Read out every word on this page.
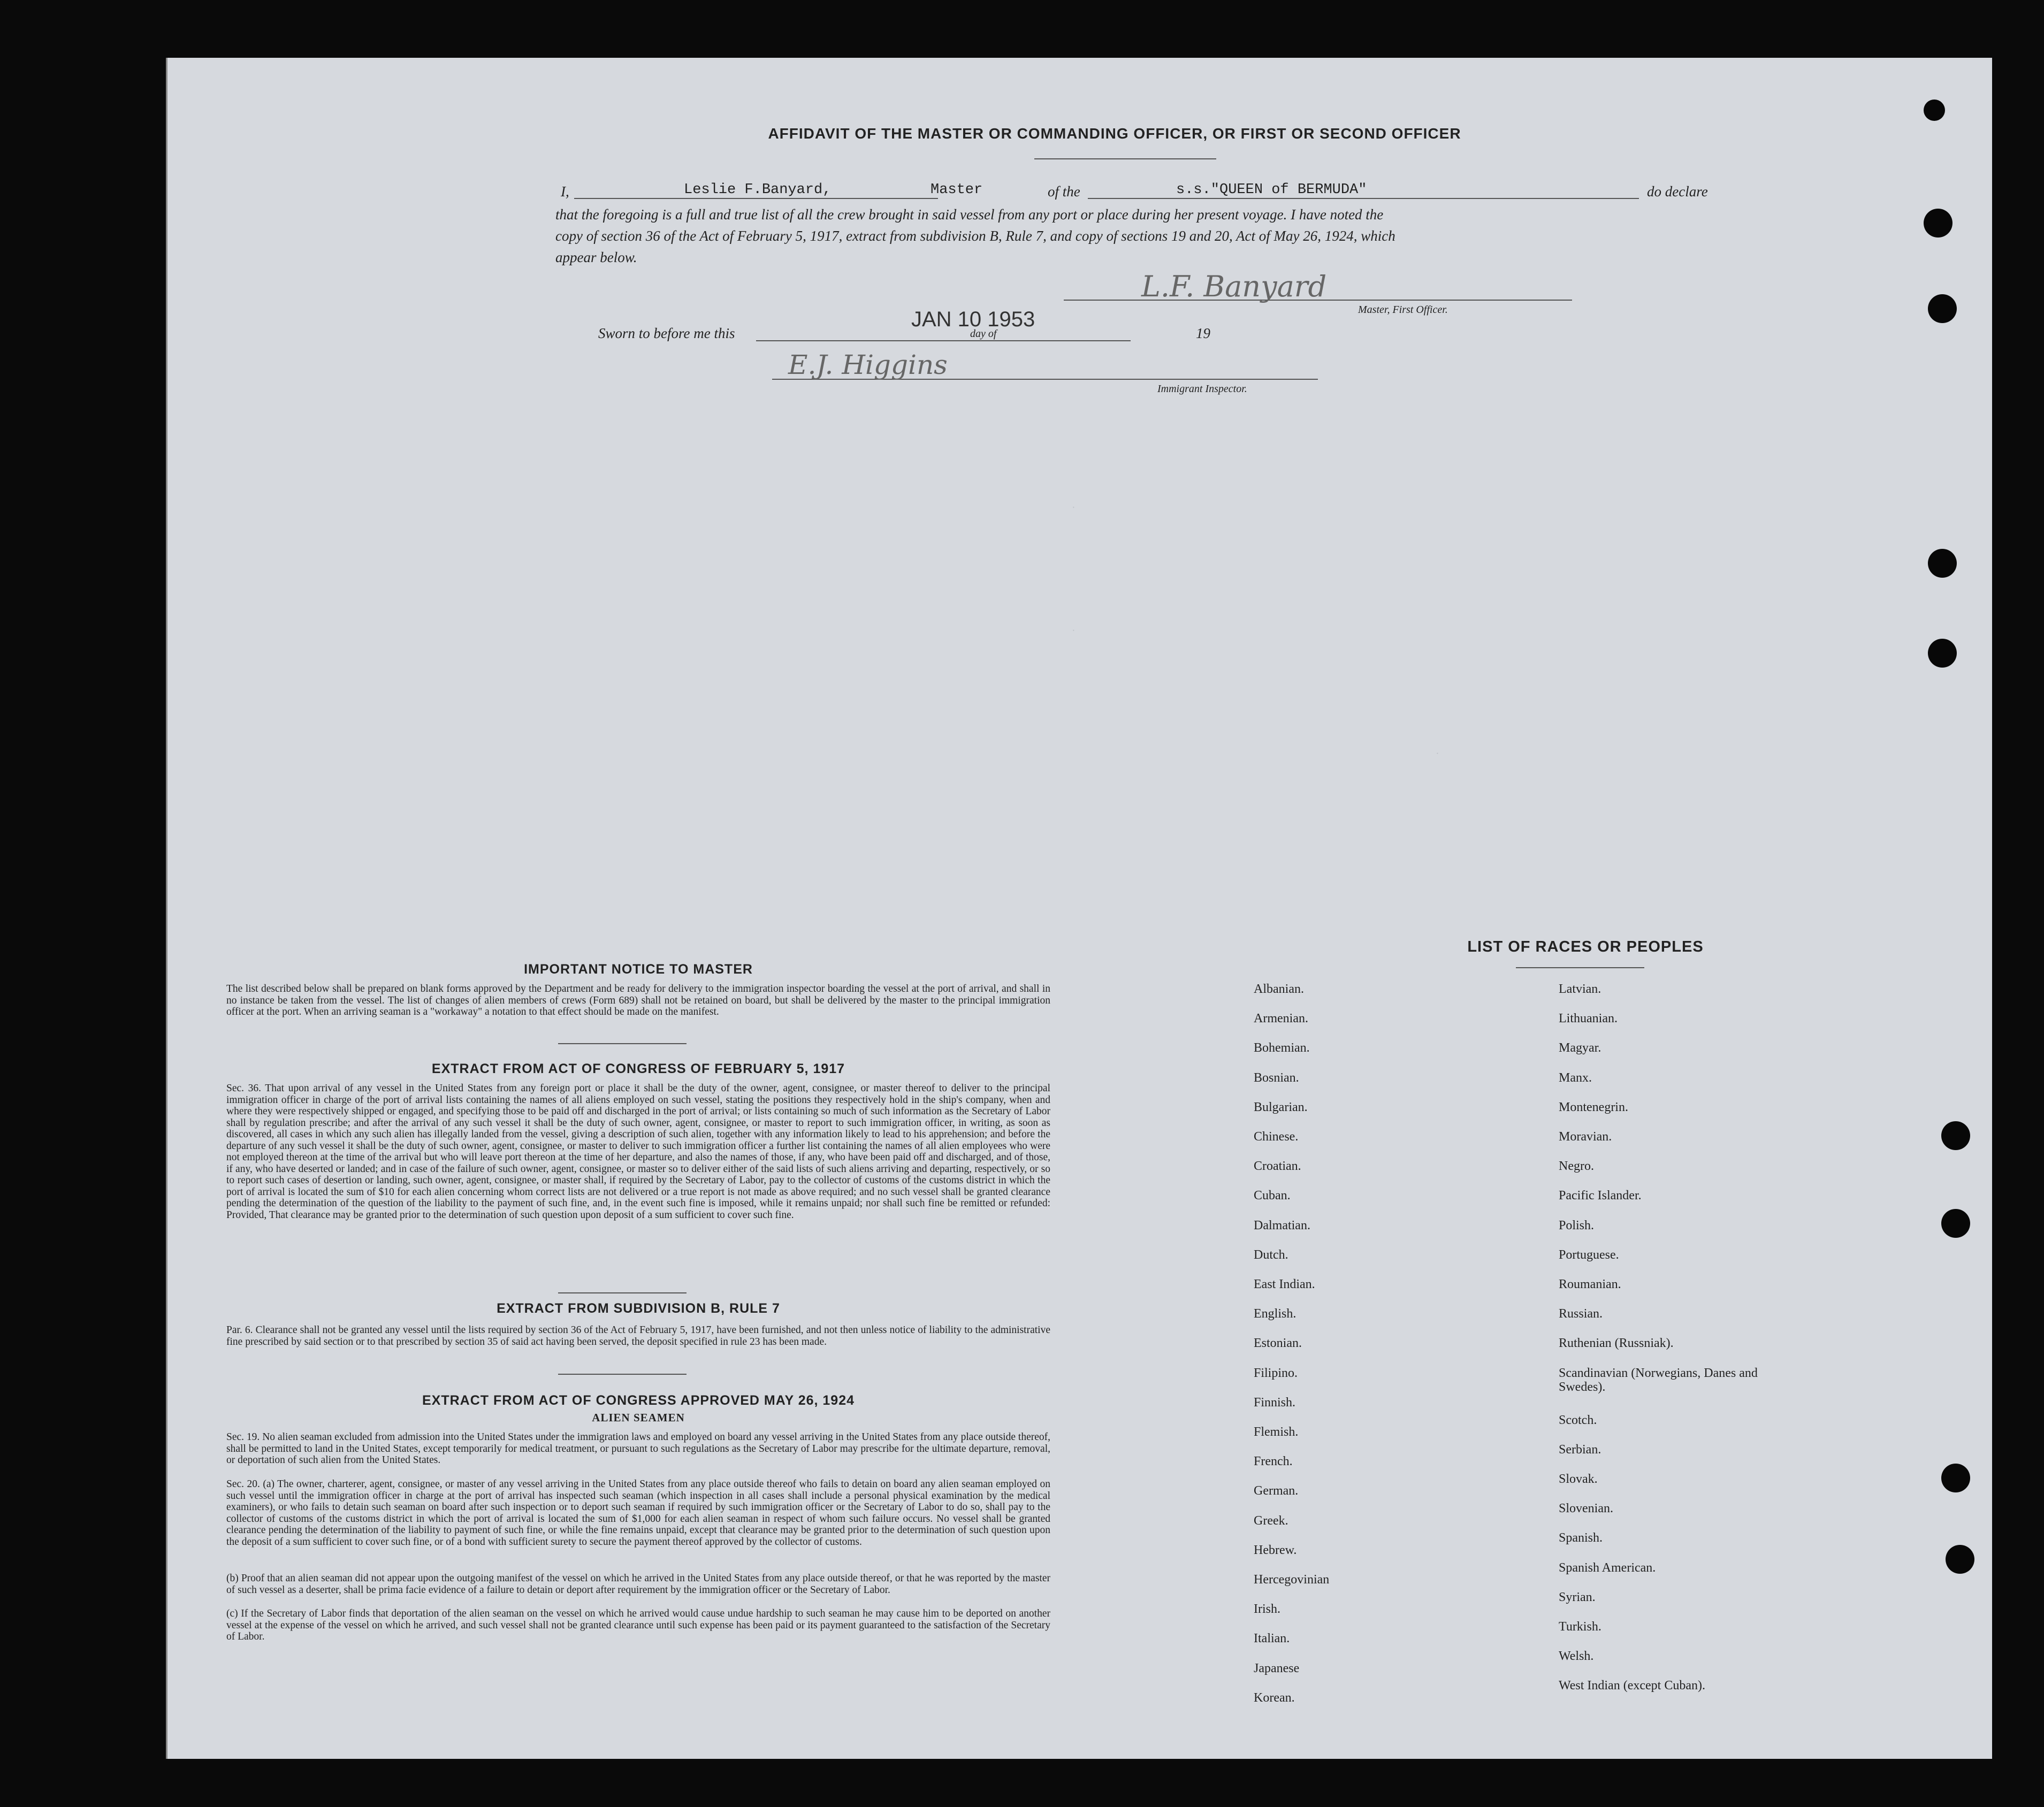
AFFIDAVIT OF THE MASTER OR COMMANDING OFFICER, OR FIRST OR SECOND OFFICER
I,	Leslie F.Banyard,	Master	of the	s.s."QUEEN of BERMUDA"	do declare
that the foregoing is a full and true list of all the crew brought in said vessel from any port or place during her present voyage. I have noted the
copy of section 36 of the Act of February 5, 1917, extract from subdivision B, Rule 7, and copy of sections 19 and 20, Act of May 26, 1924, which
appear below.
L.F. Banyard
Master, First Officer.
Sworn to before me this
JAN 10 1953
day of	19
E.J. Higgins
Immigrant Inspector.
·
·
·
IMPORTANT NOTICE TO MASTER
The list described below shall be prepared on blank forms approved by the Department and be ready for delivery to the immigration inspector boarding the vessel at the port of arrival, and shall in no instance be taken from the vessel. The list of changes of alien members of crews (Form 689) shall not be retained on board, but shall be delivered by the master to the principal immigration officer at the port. When an arriving seaman is a "workaway" a notation to that effect should be made on the manifest.
EXTRACT FROM ACT OF CONGRESS OF FEBRUARY 5, 1917
Sec. 36. That upon arrival of any vessel in the United States from any foreign port or place it shall be the duty of the owner, agent, consignee, or master thereof to deliver to the principal immigration officer in charge of the port of arrival lists containing the names of all aliens employed on such vessel, stating the positions they respectively hold in the ship's company, when and where they were respectively shipped or engaged, and specifying those to be paid off and discharged in the port of arrival; or lists containing so much of such information as the Secretary of Labor shall by regulation prescribe; and after the arrival of any such vessel it shall be the duty of such owner, agent, consignee, or master to report to such immigration officer, in writing, as soon as discovered, all cases in which any such alien has illegally landed from the vessel, giving a description of such alien, together with any information likely to lead to his apprehension; and before the departure of any such vessel it shall be the duty of such owner, agent, consignee, or master to deliver to such immigration officer a further list containing the names of all alien employees who were not employed thereon at the time of the arrival but who will leave port thereon at the time of her departure, and also the names of those, if any, who have been paid off and discharged, and of those, if any, who have deserted or landed; and in case of the failure of such owner, agent, consignee, or master so to deliver either of the said lists of such aliens arriving and departing, respectively, or so to report such cases of desertion or landing, such owner, agent, consignee, or master shall, if required by the Secretary of Labor, pay to the collector of customs of the customs district in which the port of arrival is located the sum of $10 for each alien concerning whom correct lists are not delivered or a true report is not made as above required; and no such vessel shall be granted clearance pending the determination of the question of the liability to the payment of such fine, and, in the event such fine is imposed, while it remains unpaid; nor shall such fine be remitted or refunded: Provided, That clearance may be granted prior to the determination of such question upon deposit of a sum sufficient to cover such fine.
EXTRACT FROM SUBDIVISION B, RULE 7
Par. 6. Clearance shall not be granted any vessel until the lists required by section 36 of the Act of February 5, 1917, have been furnished, and not then unless notice of liability to the administrative fine prescribed by said section or to that prescribed by section 35 of said act having been served, the deposit specified in rule 23 has been made.
EXTRACT FROM ACT OF CONGRESS APPROVED MAY 26, 1924
ALIEN SEAMEN
Sec. 19. No alien seaman excluded from admission into the United States under the immigration laws and employed on board any vessel arriving in the United States from any place outside thereof, shall be permitted to land in the United States, except temporarily for medical treatment, or pursuant to such regulations as the Secretary of Labor may prescribe for the ultimate departure, removal, or deportation of such alien from the United States.
Sec. 20. (a) The owner, charterer, agent, consignee, or master of any vessel arriving in the United States from any place outside thereof who fails to detain on board any alien seaman employed on such vessel until the immigration officer in charge at the port of arrival has inspected such seaman (which inspection in all cases shall include a personal physical examination by the medical examiners), or who fails to detain such seaman on board after such inspection or to deport such seaman if required by such immigration officer or the Secretary of Labor to do so, shall pay to the collector of customs of the customs district in which the port of arrival is located the sum of $1,000 for each alien seaman in respect of whom such failure occurs. No vessel shall be granted clearance pending the determination of the liability to payment of such fine, or while the fine remains unpaid, except that clearance may be granted prior to the determination of such question upon the deposit of a sum sufficient to cover such fine, or of a bond with sufficient surety to secure the payment thereof approved by the collector of customs.
(b) Proof that an alien seaman did not appear upon the outgoing manifest of the vessel on which he arrived in the United States from any place outside thereof, or that he was reported by the master of such vessel as a deserter, shall be prima facie evidence of a failure to detain or deport after requirement by the immigration officer or the Secretary of Labor.
(c) If the Secretary of Labor finds that deportation of the alien seaman on the vessel on which he arrived would cause undue hardship to such seaman he may cause him to be deported on another vessel at the expense of the vessel on which he arrived, and such vessel shall not be granted clearance until such expense has been paid or its payment guaranteed to the satisfaction of the Secretary of Labor.
LIST OF RACES OR PEOPLES
Albanian.
Armenian.
Bohemian.
Bosnian.
Bulgarian.
Chinese.
Croatian.
Cuban.
Dalmatian.
Dutch.
East Indian.
English.
Estonian.
Filipino.
Finnish.
Flemish.
French.
German.
Greek.
Hebrew.
Hercegovinian
Irish.
Italian.
Japanese
Korean.
Latvian.
Lithuanian.
Magyar.
Manx.
Montenegrin.
Moravian.
Negro.
Pacific Islander.
Polish.
Portuguese.
Roumanian.
Russian.
Ruthenian (Russniak).
Scandinavian (Norwegians, Danes and Swedes).
Scotch.
Serbian.
Slovak.
Slovenian.
Spanish.
Spanish American.
Syrian.
Turkish.
Welsh.
West Indian (except Cuban).
